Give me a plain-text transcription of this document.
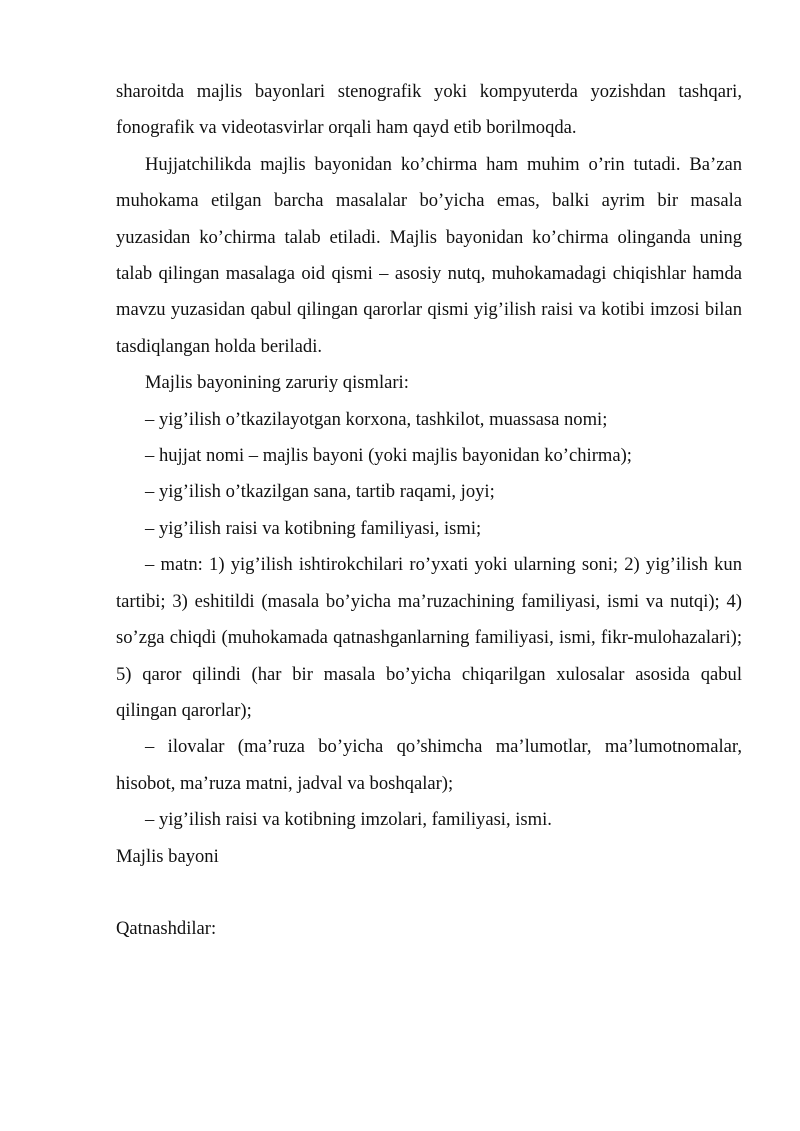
sharoitda majlis bayonlari stenografik yoki kompyuterda yozishdan tashqari, fonografik va videotasvirlar orqali ham qayd etib borilmoqda.

Hujjatchilikda majlis bayonidan ko’chirma ham muhim o’rin tutadi. Ba’zan muhokama etilgan barcha masalalar bo’yicha emas, balki ayrim bir masala yuzasidan ko’chirma talab etiladi. Majlis bayonidan ko’chirma olinganda uning talab qilingan masalaga oid qismi – asosiy nutq, muhokamadagi chiqishlar hamda mavzu yuzasidan qabul qilingan qarorlar qismi yig’ilish raisi va kotibi imzosi bilan tasdiqlangan holda beriladi.

Majlis bayonining zaruriy qismlari:

– yig’ilish o’tkazilayotgan korxona, tashkilot, muassasa nomi;

– hujjat nomi – majlis bayoni (yoki majlis bayonidan ko’chirma);

– yig’ilish o’tkazilgan sana, tartib raqami, joyi;

– yig’ilish raisi va kotibning familiyasi, ismi;

– matn: 1) yig’ilish ishtirokchilari ro’yxati yoki ularning soni; 2) yig’ilish kun tartibi; 3) eshitildi (masala bo’yicha ma’ruzachining familiyasi, ismi va nutqi); 4) so’zga chiqdi (muhokamada qatnashganlarning familiyasi, ismi, fikr-mulohazalari); 5) qaror qilindi (har bir masala bo’yicha chiqarilgan xulosalar asosida qabul qilingan qarorlar);

– ilovalar (ma’ruza bo’yicha qo’shimcha ma’lumotlar, ma’lumotnomalar, hisobot, ma’ruza matni, jadval va boshqalar);

– yig’ilish raisi va kotibning imzolari, familiyasi, ismi.

Majlis bayoni

Qatnashdilar:
